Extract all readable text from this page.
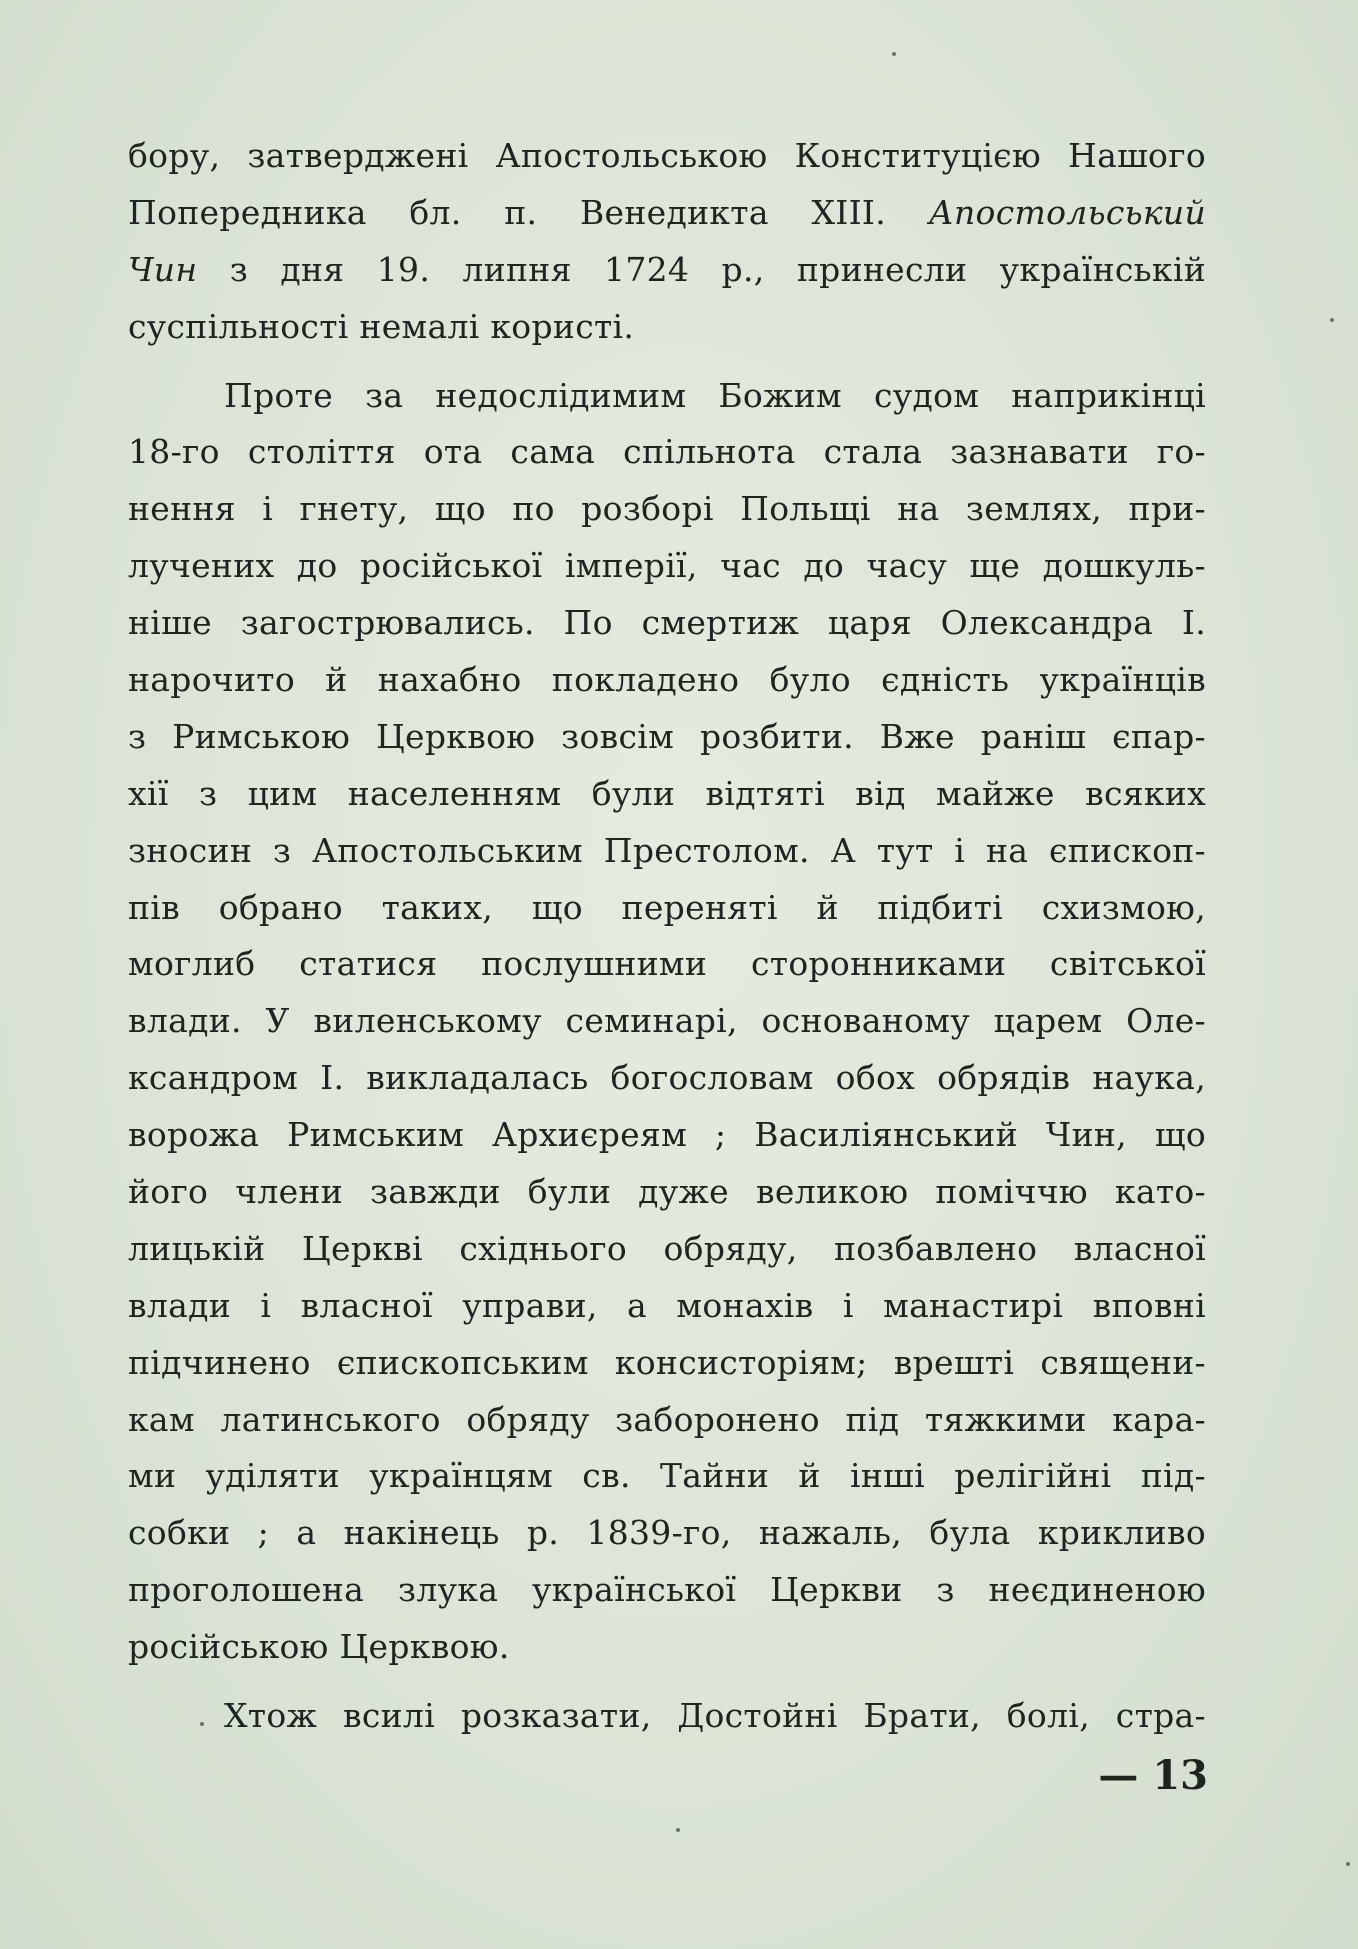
бору, затверджені Апостольською Конституцією Нашого
Попередника бл. п. Венедикта XIII. Апостольський
Чин з дня 19. липня 1724 р., принесли українській
суспільності немалі користі.
Проте за недослідимим Божим судом наприкінці
18-го століття ота сама спільнота стала зазнавати го-
нення і гнету, що по розборі Польщі на землях, при-
лучених до російської імперії, час до часу ще дошкуль-
ніше загострювались. По смертиж царя Олександра І.
нарочито й нахабно покладено було єдність українців
з Римською Церквою зовсім розбити. Вже раніш єпар-
хії з цим населенням були відтяті від майже всяких
зносин з Апостольським Престолом. А тут і на єпископ-
пів обрано таких, що переняті й підбиті схизмою,
моглиб статися послушними сторонниками світської
влади. У виленському семинарі, основаному царем Оле-
ксандром І. викладалась богословам обох обрядів наука,
ворожа Римським Архиєреям ; Василіянський Чин, що
його члени завжди були дуже великою поміччю като-
лицькій Церкві східнього обряду, позбавлено власної
влади і власної управи, а монахів і манастирі вповні
підчинено єпископським консисторіям; врешті священи-
кам латинського обряду заборонено під тяжкими кара-
ми уділяти українцям св. Тайни й інші релігійні під-
собки ; а накінець р. 1839-го, нажаль, була крикливо
проголошена злука української Церкви з неєдиненою
російською Церквою.
Хтож всилі розказати, Достойні Брати, болі, стра-
— 13
